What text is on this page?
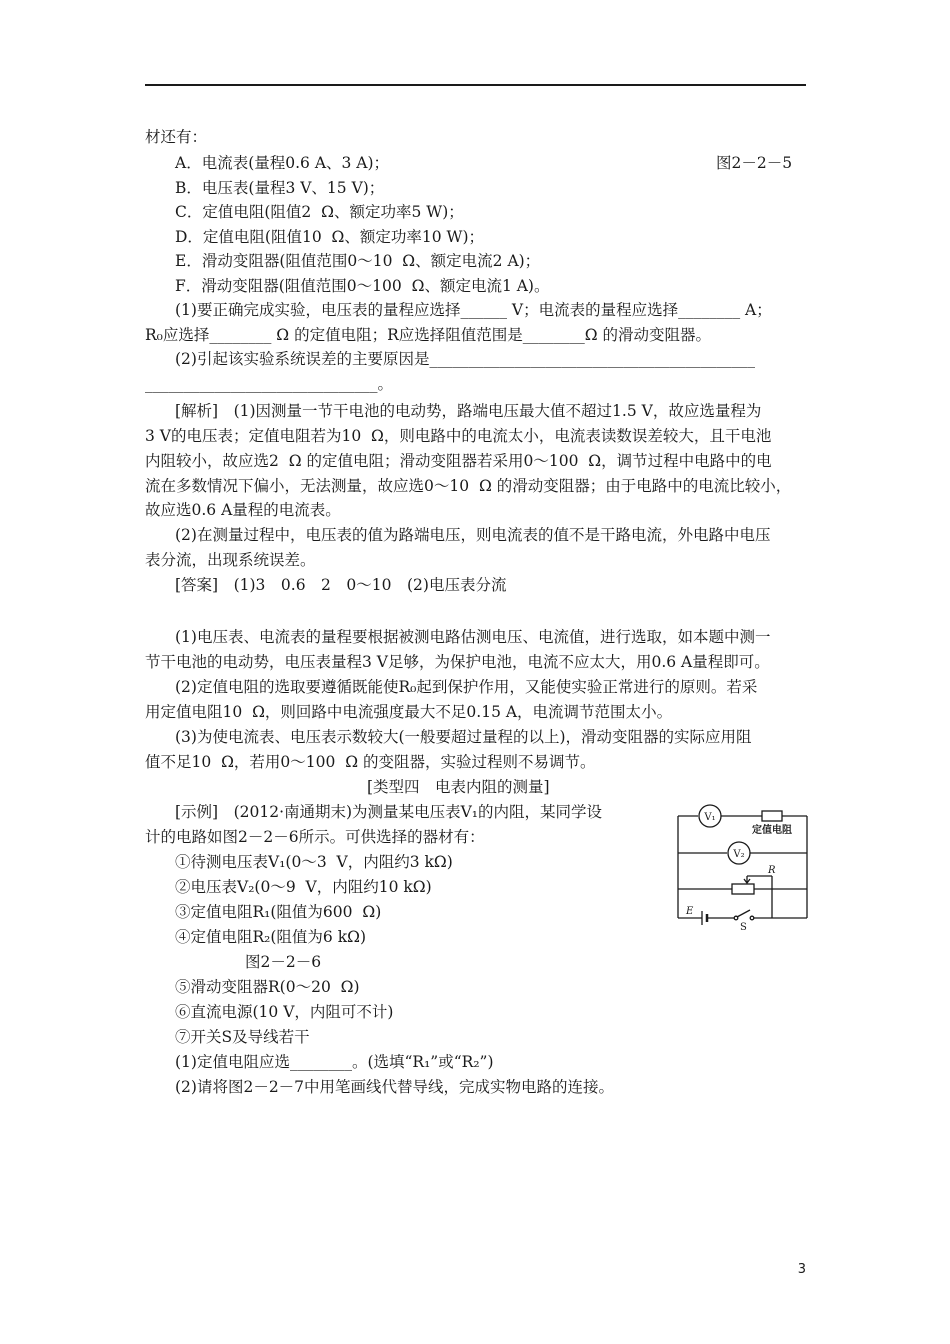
材还有：
A．电流表(量程0.6 A、3 A)；	图2－2－5
B．电压表(量程3 V、15 V)；
C．定值电阻(阻值2  Ω、额定功率5 W)；
D．定值电阻(阻值10  Ω、额定功率10 W)；
E．滑动变阻器(阻值范围0～10  Ω、额定电流2 A)；
F．滑动变阻器(阻值范围0～100  Ω、额定电流1 A)。
(1)要正确完成实验，电压表的量程应选择______ V；电流表的量程应选择________ A；
R₀应选择________ Ω 的定值电阻；R应选择阻值范围是________Ω 的滑动变阻器。
(2)引起该实验系统误差的主要原因是__________________________________________
______________________________。
[解析]　(1)因测量一节干电池的电动势，路端电压最大值不超过1.5 V，故应选量程为
3 V的电压表；定值电阻若为10  Ω，则电路中的电流太小，电流表读数误差较大，且干电池
内阻较小，故应选2  Ω 的定值电阻；滑动变阻器若采用0～100  Ω，调节过程中电路中的电
流在多数情况下偏小，无法测量，故应选0～10  Ω 的滑动变阻器；由于电路中的电流比较小，
故应选0.6 A量程的电流表。
(2)在测量过程中，电压表的值为路端电压，则电流表的值不是干路电流，外电路中电压
表分流，出现系统误差。
[答案]　(1)3　0.6　2　0～10　(2)电压表分流
(1)电压表、电流表的量程要根据被测电路估测电压、电流值，进行选取，如本题中测一
节干电池的电动势，电压表量程3 V足够，为保护电池，电流不应太大，用0.6 A量程即可。
(2)定值电阻的选取要遵循既能使R₀起到保护作用，又能使实验正常进行的原则。若采
用定值电阻10  Ω，则回路中电流强度最大不足0.15 A，电流调节范围太小。
(3)为使电流表、电压表示数较大(一般要超过量程的以上)，滑动变阻器的实际应用阻
值不足10  Ω，若用0～100  Ω 的变阻器，实验过程则不易调节。
[类型四　电表内阻的测量]
[示例]　(2012·南通期末)为测量某电压表V₁的内阻，某同学设
计的电路如图2－2－6所示。可供选择的器材有：
①待测电压表V₁(0～3  V，内阻约3 kΩ)
②电压表V₂(0～9  V，内阻约10 kΩ)
③定值电阻R₁(阻值为600  Ω)
④定值电阻R₂(阻值为6 kΩ)
图2－2－6
⑤滑动变阻器R(0～20  Ω)
⑥直流电源(10 V，内阻可不计)
⑦开关S及导线若干
(1)定值电阻应选________。(选填“R₁”或“R₂”)
(2)请将图2－2－7中用笔画线代替导线，完成实物电路的连接。
V₁
V₂
定值电阻
R
E
S
3
